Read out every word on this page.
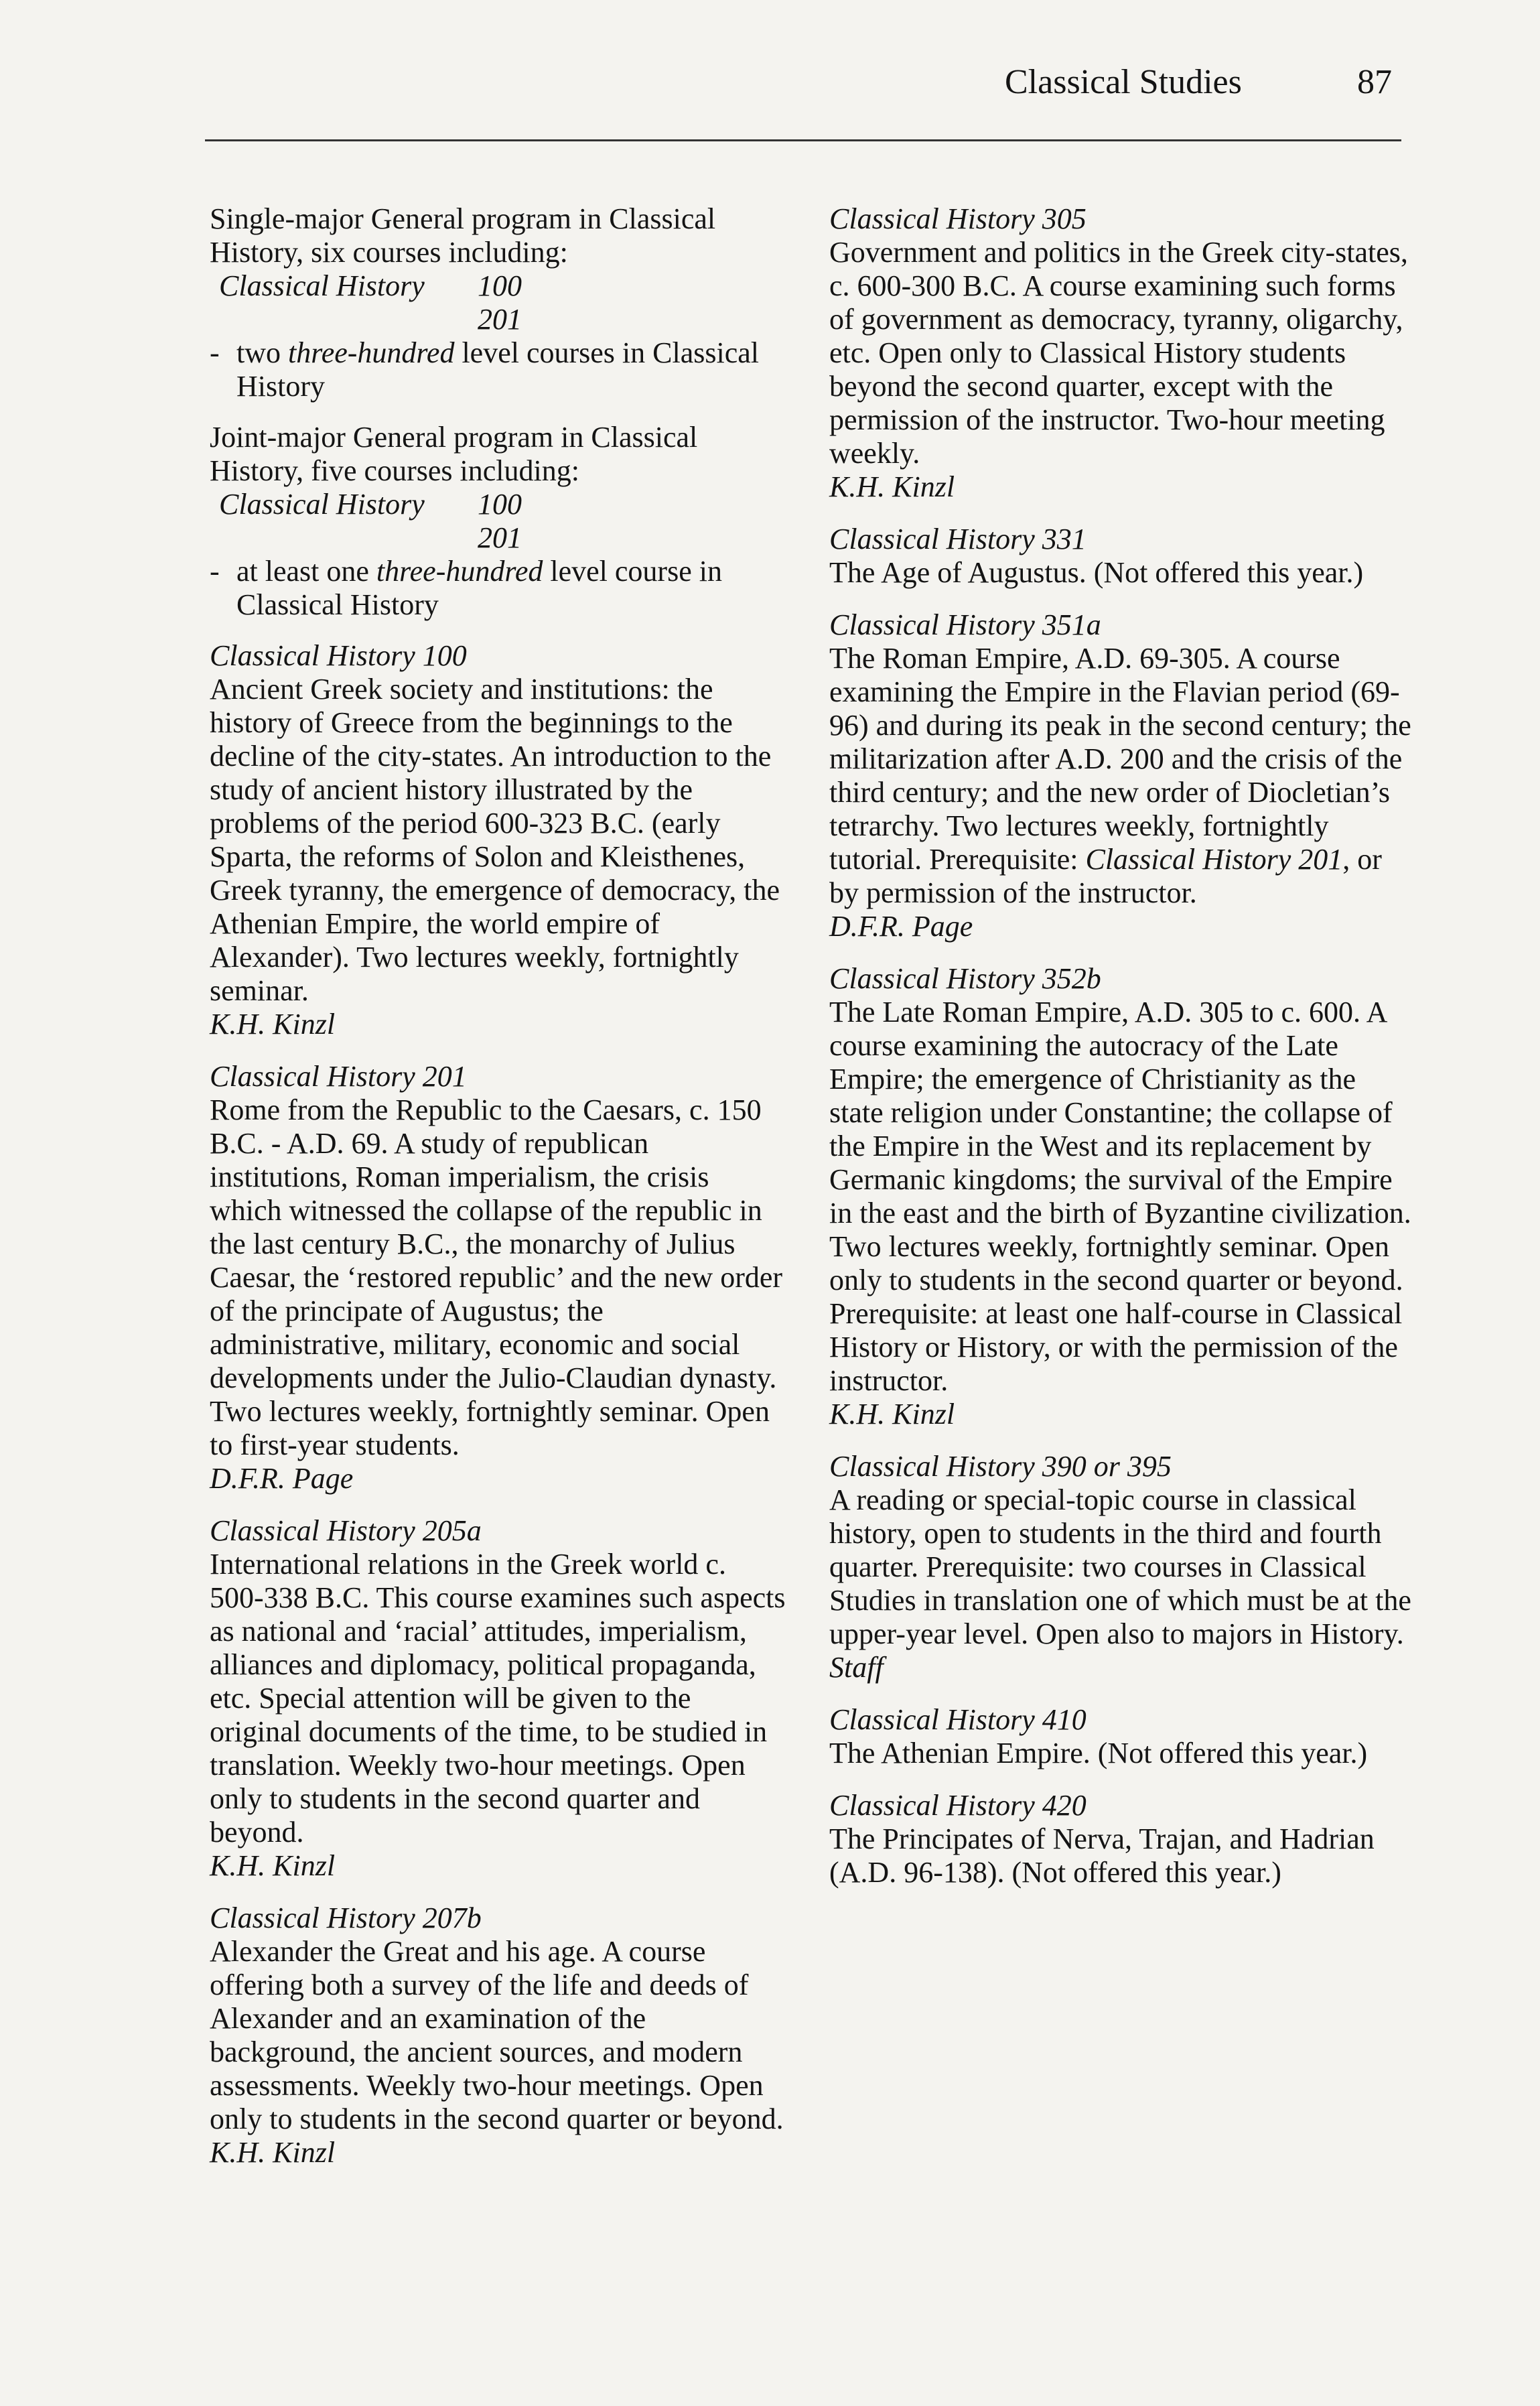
Classical Studies	87

Single-major General program in Classical History, six courses including:

Classical History 100
201

- two three-hundred level courses in Classical History

Joint-major General program in Classical History, five courses including:

Classical History 100
201

- at least one three-hundred level course in Classical History

Classical History 100

Ancient Greek society and institutions: the history of Greece from the beginnings to the decline of the city-states. An introduction to the study of ancient history illustrated by the problems of the period 600-323 B.C. (early Sparta, the reforms of Solon and Kleisthenes, Greek tyranny, the emergence of democracy, the Athenian Empire, the world empire of Alexander). Two lectures weekly, fortnightly seminar.

K.H. Kinzl

Classical History 201

Rome from the Republic to the Caesars, c. 150 B.C. - A.D. 69. A study of republican institutions, Roman imperialism, the crisis which witnessed the collapse of the republic in the last century B.C., the monarchy of Julius Caesar, the ‘restored republic’ and the new order of the principate of Augustus; the administrative, military, economic and social developments under the Julio-Claudian dynasty. Two lectures weekly, fortnightly seminar. Open to first-year students.

D.F.R. Page

Classical History 205a

International relations in the Greek world c. 500-338 B.C. This course examines such aspects as national and ‘racial’ attitudes, imperialism, alliances and diplomacy, political propaganda, etc. Special attention will be given to the original documents of the time, to be studied in translation. Weekly two-hour meetings. Open only to students in the second quarter and beyond.

K.H. Kinzl

Classical History 207b

Alexander the Great and his age. A course offering both a survey of the life and deeds of Alexander and an examination of the background, the ancient sources, and modern assessments. Weekly two-hour meetings. Open only to students in the second quarter or beyond.

K.H. Kinzl

Classical History 305

Government and politics in the Greek city-states, c. 600-300 B.C. A course examining such forms of government as democracy, tyranny, oligarchy, etc. Open only to Classical History students beyond the second quarter, except with the permission of the instructor. Two-hour meeting weekly.

K.H. Kinzl

Classical History 331

The Age of Augustus. (Not offered this year.)

Classical History 351a

The Roman Empire, A.D. 69-305. A course examining the Empire in the Flavian period (69-96) and during its peak in the second century; the militarization after A.D. 200 and the crisis of the third century; and the new order of Diocletian’s tetrarchy. Two lectures weekly, fortnightly tutorial. Prerequisite: Classical History 201, or by permission of the instructor.

D.F.R. Page

Classical History 352b

The Late Roman Empire, A.D. 305 to c. 600. A course examining the autocracy of the Late Empire; the emergence of Christianity as the state religion under Constantine; the collapse of the Empire in the West and its replacement by Germanic kingdoms; the survival of the Empire in the east and the birth of Byzantine civilization. Two lectures weekly, fortnightly seminar. Open only to students in the second quarter or beyond. Prerequisite: at least one half-course in Classical History or History, or with the permission of the instructor.

K.H. Kinzl

Classical History 390 or 395

A reading or special-topic course in classical history, open to students in the third and fourth quarter. Prerequisite: two courses in Classical Studies in translation one of which must be at the upper-year level. Open also to majors in History.

Staff

Classical History 410

The Athenian Empire. (Not offered this year.)

Classical History 420

The Principates of Nerva, Trajan, and Hadrian (A.D. 96-138). (Not offered this year.)
